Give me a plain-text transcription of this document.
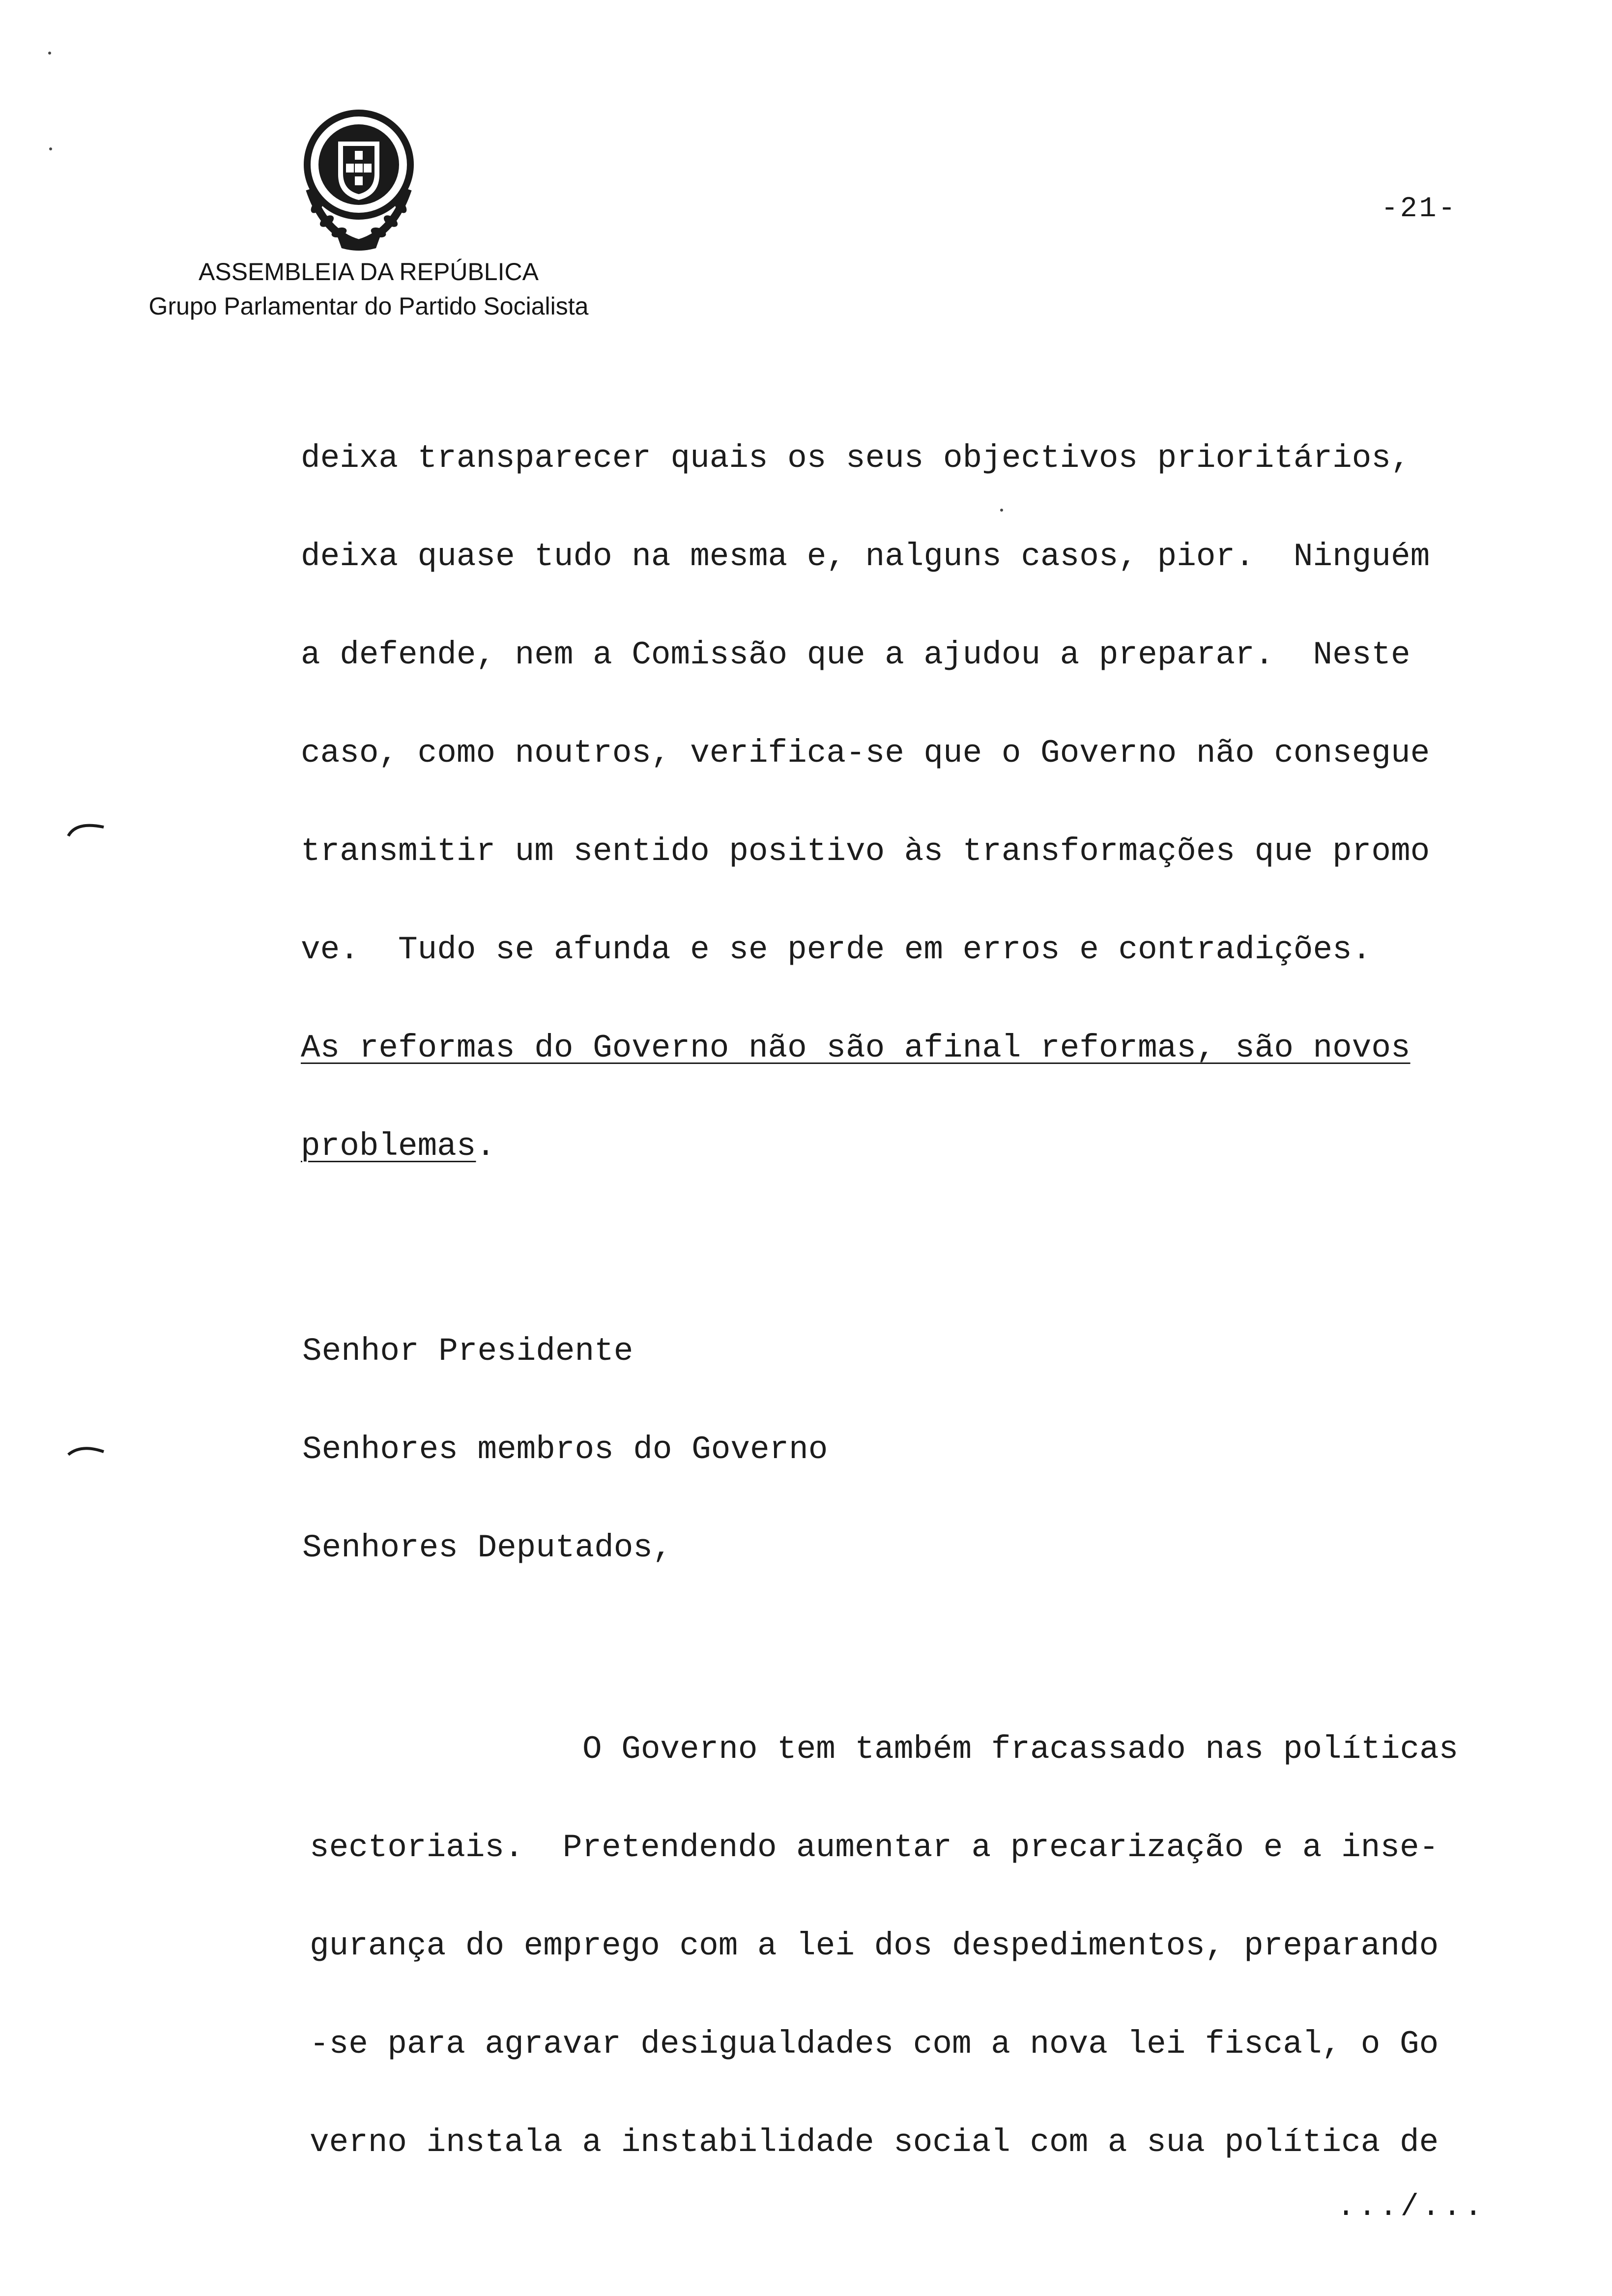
ASSEMBLEIA DA REPÚBLICA
Grupo Parlamentar do Partido Socialista
-21-
deixa transparecer quais os seus objectivos prioritários,
deixa quase tudo na mesma e, nalguns casos, pior.  Ninguém
a defende, nem a Comissão que a ajudou a preparar.  Neste
caso, como noutros, verifica-se que o Governo não consegue
transmitir um sentido positivo às transformações que promo
ve.  Tudo se afunda e se perde em erros e contradições.
As reformas do Governo não são afinal reformas, são novos
problemas.
Senhor Presidente
Senhores membros do Governo
Senhores Deputados,
O Governo tem também fracassado nas políticas
sectoriais.  Pretendendo aumentar a precarização e a inse-
gurança do emprego com a lei dos despedimentos, preparando
-se para agravar desigualdades com a nova lei fiscal, o Go
verno instala a instabilidade social com a sua política de
.../...
